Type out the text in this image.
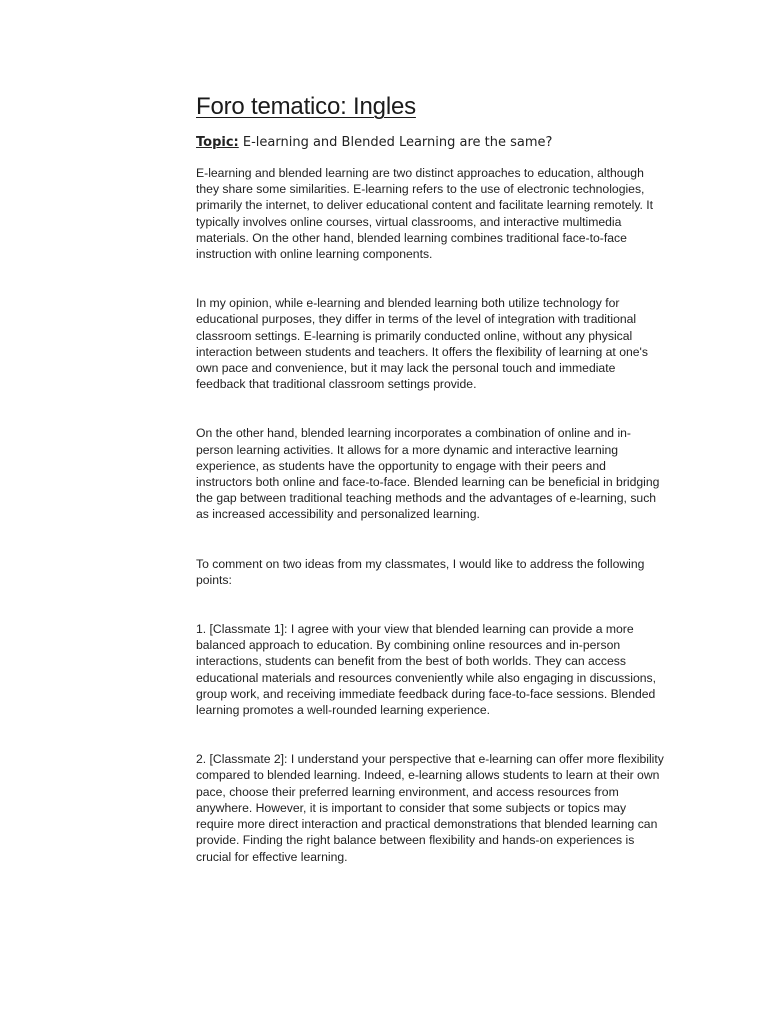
Foro tematico: Ingles

Topic: E-learning and Blended Learning are the same?

E-learning and blended learning are two distinct approaches to education, although they share some similarities. E-learning refers to the use of electronic technologies, primarily the internet, to deliver educational content and facilitate learning remotely. It typically involves online courses, virtual classrooms, and interactive multimedia materials. On the other hand, blended learning combines traditional face-to-face instruction with online learning components.

In my opinion, while e-learning and blended learning both utilize technology for educational purposes, they differ in terms of the level of integration with traditional classroom settings. E-learning is primarily conducted online, without any physical interaction between students and teachers. It offers the flexibility of learning at one's own pace and convenience, but it may lack the personal touch and immediate feedback that traditional classroom settings provide.

On the other hand, blended learning incorporates a combination of online and in-person learning activities. It allows for a more dynamic and interactive learning experience, as students have the opportunity to engage with their peers and instructors both online and face-to-face. Blended learning can be beneficial in bridging the gap between traditional teaching methods and the advantages of e-learning, such as increased accessibility and personalized learning.

To comment on two ideas from my classmates, I would like to address the following points:

1. [Classmate 1]: I agree with your view that blended learning can provide a more balanced approach to education. By combining online resources and in-person interactions, students can benefit from the best of both worlds. They can access educational materials and resources conveniently while also engaging in discussions, group work, and receiving immediate feedback during face-to-face sessions. Blended learning promotes a well-rounded learning experience.

2. [Classmate 2]: I understand your perspective that e-learning can offer more flexibility compared to blended learning. Indeed, e-learning allows students to learn at their own pace, choose their preferred learning environment, and access resources from anywhere. However, it is important to consider that some subjects or topics may require more direct interaction and practical demonstrations that blended learning can provide. Finding the right balance between flexibility and hands-on experiences is crucial for effective learning.
